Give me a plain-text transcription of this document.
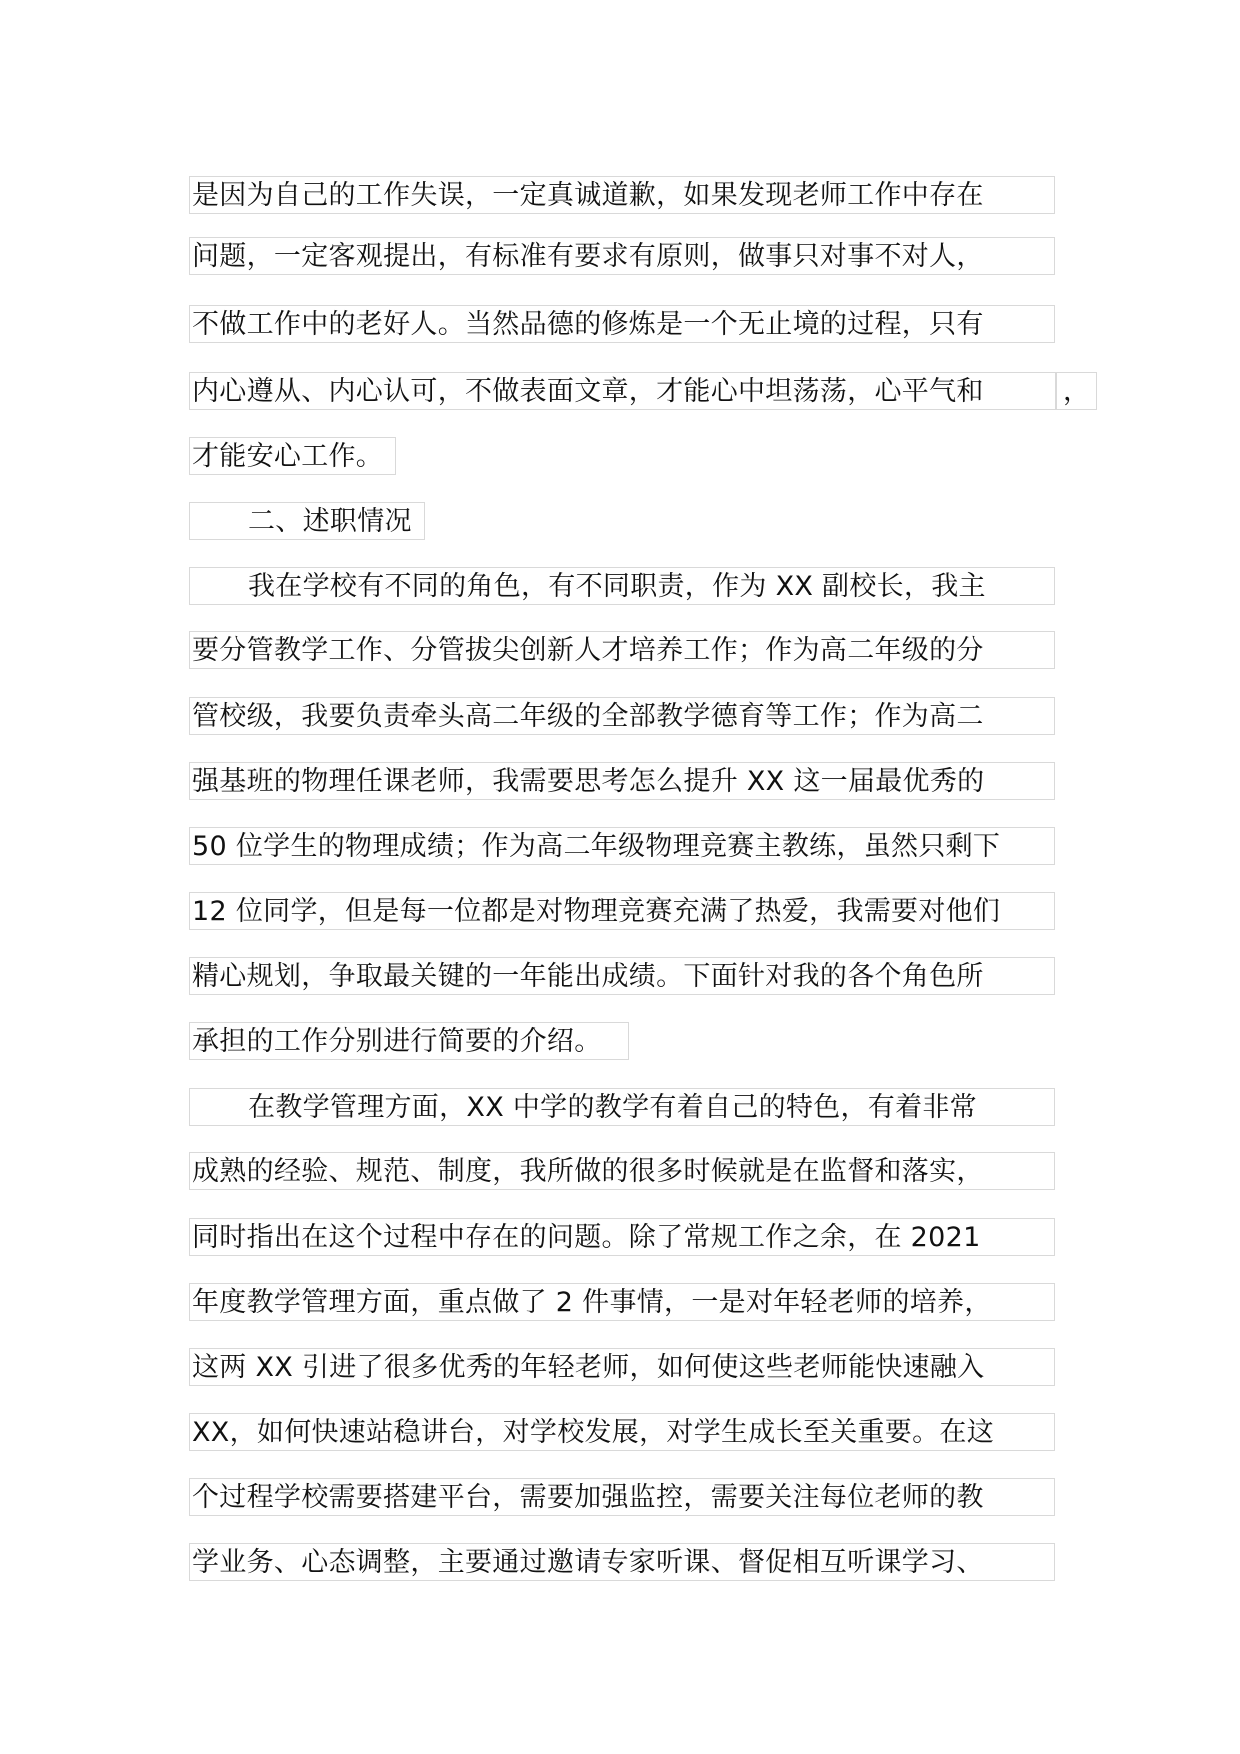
是因为自己的工作失误，一定真诚道歉，如果发现老师工作中存在
问题，一定客观提出，有标准有要求有原则，做事只对事不对人，
不做工作中的老好人。当然品德的修炼是一个无止境的过程，只有
内心遵从、内心认可，不做表面文章，才能心中坦荡荡，心平气和	，
才能安心工作。
二、述职情况
我在学校有不同的角色，有不同职责，作为 XX 副校长，我主
要分管教学工作、分管拔尖创新人才培养工作；作为高二年级的分
管校级，我要负责牵头高二年级的全部教学德育等工作；作为高二
强基班的物理任课老师，我需要思考怎么提升 XX 这一届最优秀的
50 位学生的物理成绩；作为高二年级物理竞赛主教练，虽然只剩下
12 位同学，但是每一位都是对物理竞赛充满了热爱，我需要对他们
精心规划，争取最关键的一年能出成绩。下面针对我的各个角色所
承担的工作分别进行简要的介绍。
在教学管理方面，XX 中学的教学有着自己的特色，有着非常
成熟的经验、规范、制度，我所做的很多时候就是在监督和落实，
同时指出在这个过程中存在的问题。除了常规工作之余，在 2021
年度教学管理方面，重点做了 2 件事情，一是对年轻老师的培养，
这两 XX 引进了很多优秀的年轻老师，如何使这些老师能快速融入
XX，如何快速站稳讲台，对学校发展，对学生成长至关重要。在这
个过程学校需要搭建平台，需要加强监控，需要关注每位老师的教
学业务、心态调整，主要通过邀请专家听课、督促相互听课学习、
